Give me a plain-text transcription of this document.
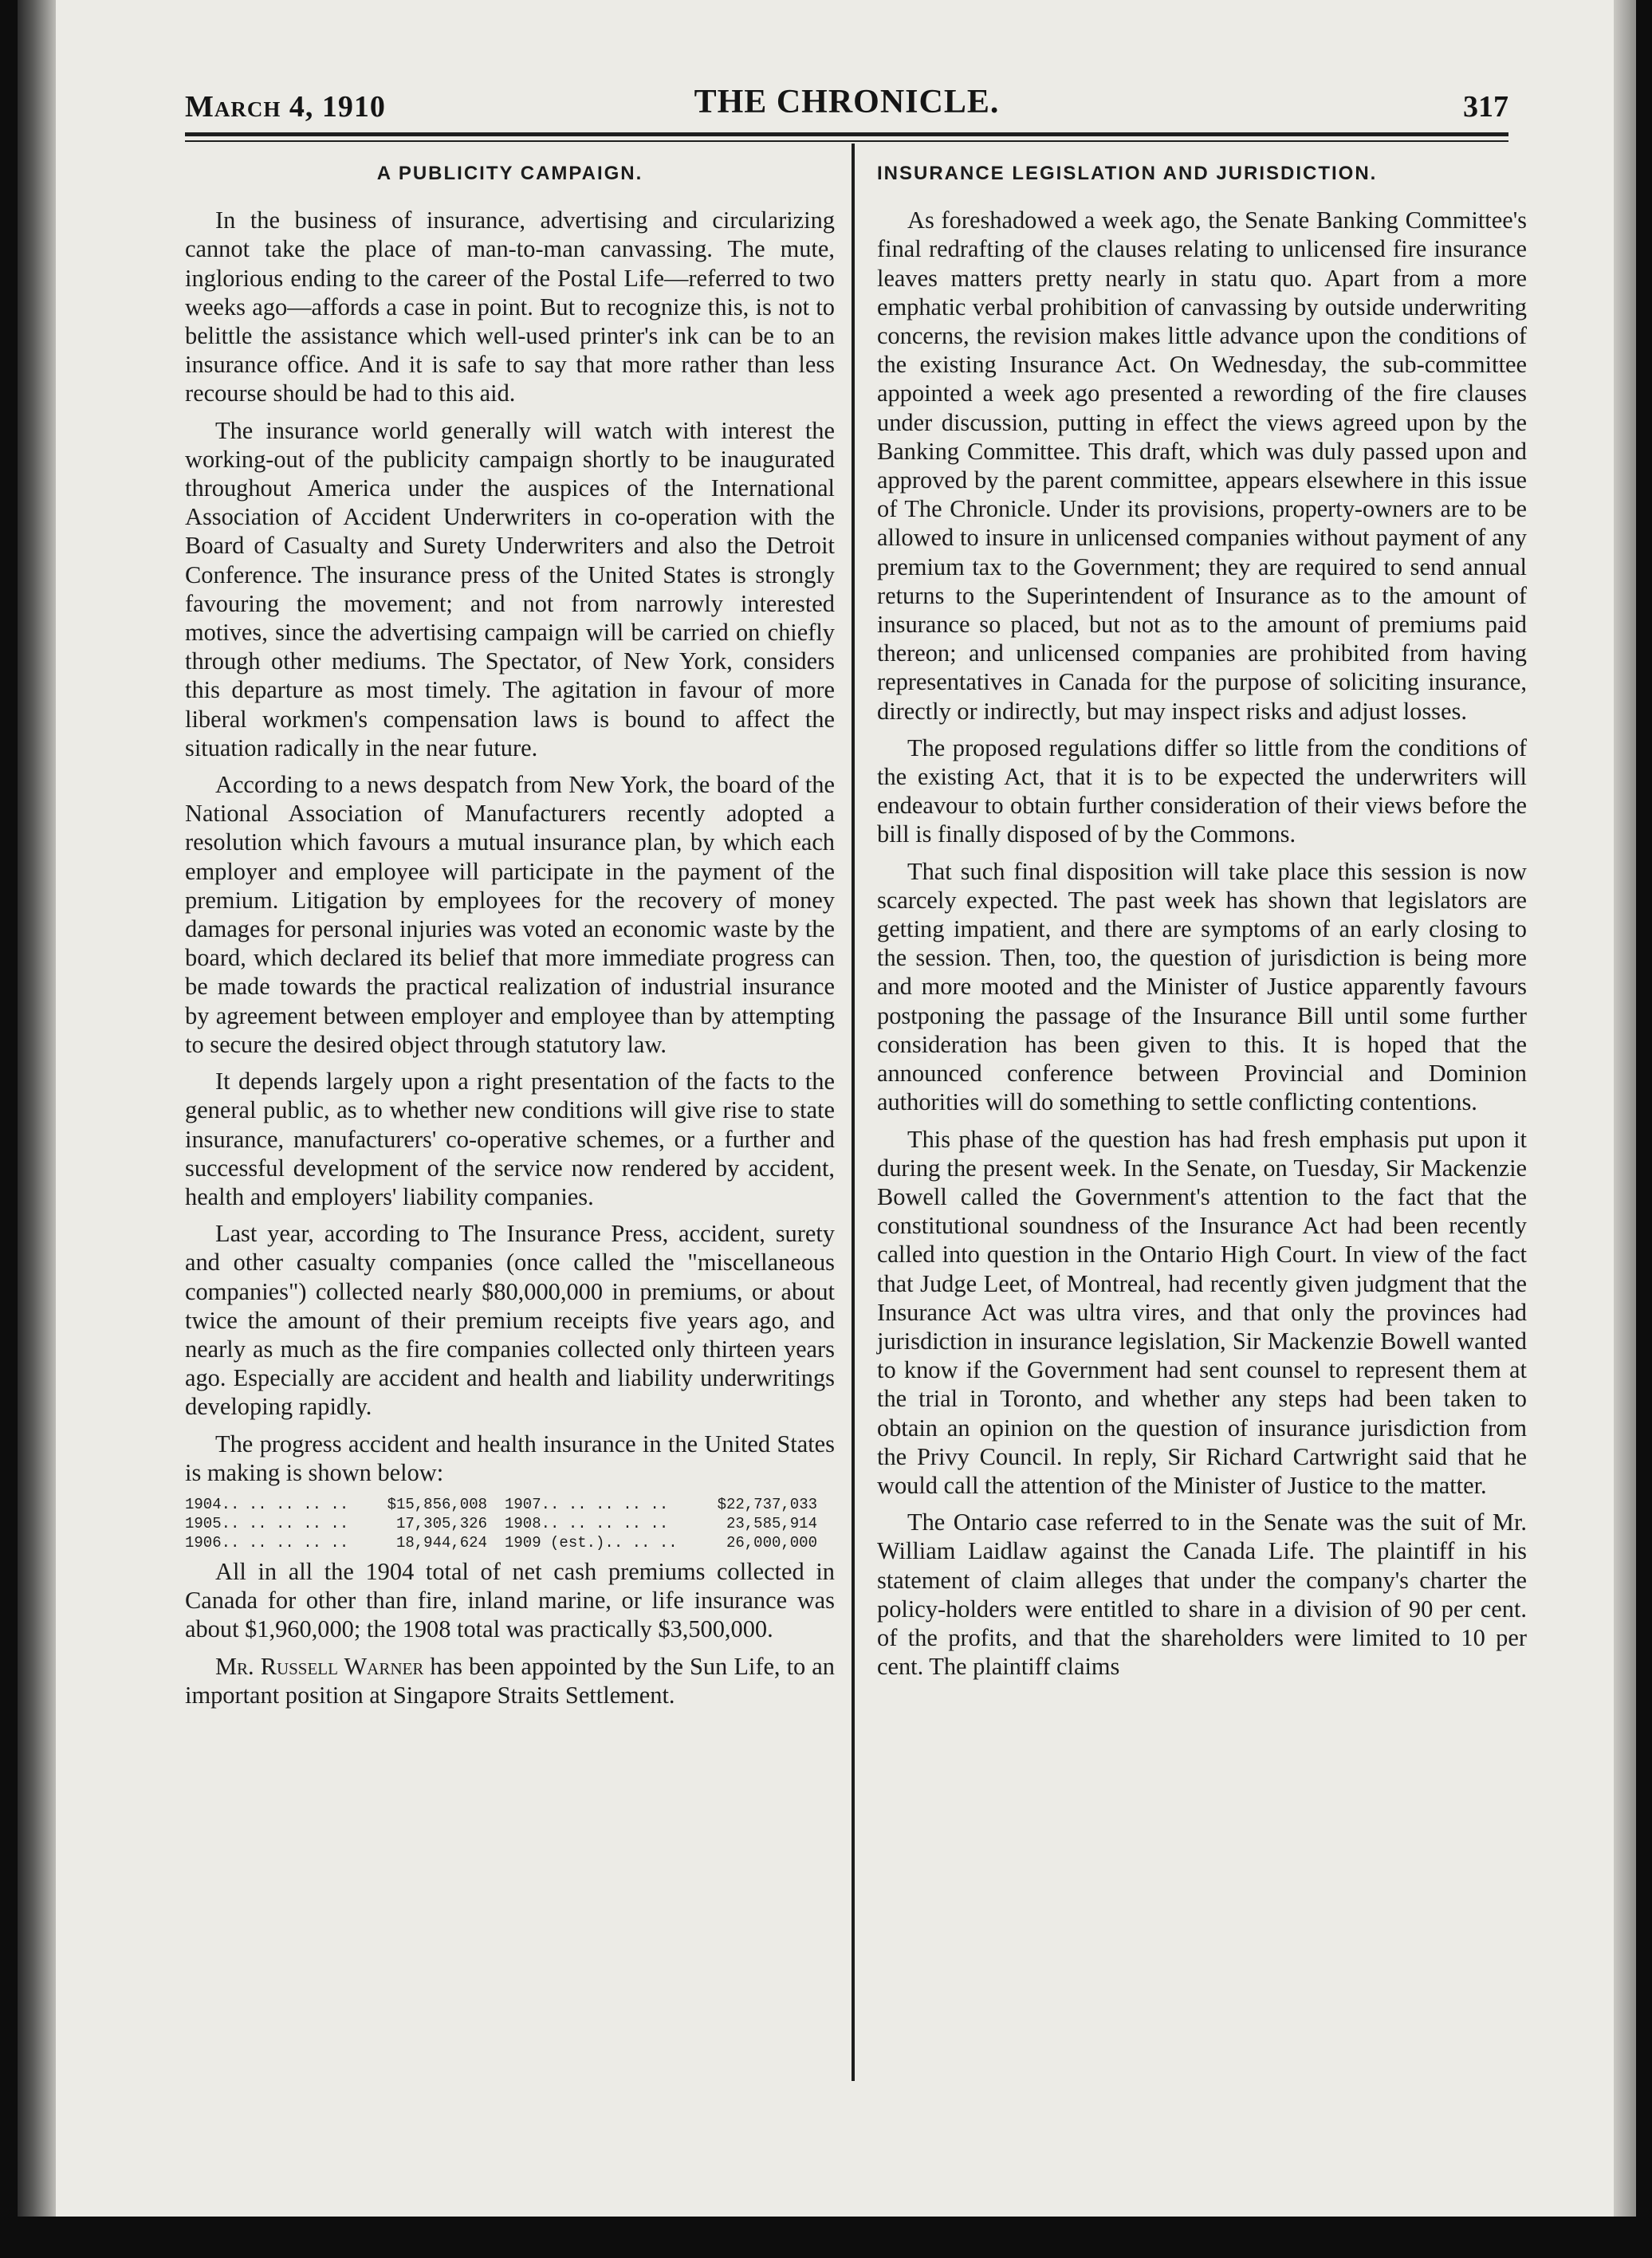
March 4, 1910	THE CHRONICLE.	317
A PUBLICITY CAMPAIGN.

In the business of insurance, advertising and circularizing cannot take the place of man-to-man canvassing. The mute, inglorious ending to the career of the Postal Life—referred to two weeks ago—affords a case in point. But to recognize this, is not to belittle the assistance which well-used printer's ink can be to an insurance office. And it is safe to say that more rather than less recourse should be had to this aid.

The insurance world generally will watch with interest the working-out of the publicity campaign shortly to be inaugurated throughout America under the auspices of the International Association of Accident Underwriters in co-operation with the Board of Casualty and Surety Underwriters and also the Detroit Conference. The insurance press of the United States is strongly favouring the movement; and not from narrowly interested motives, since the advertising campaign will be carried on chiefly through other mediums. The Spectator, of New York, considers this departure as most timely. The agitation in favour of more liberal workmen's compensation laws is bound to affect the situation radically in the near future.

According to a news despatch from New York, the board of the National Association of Manufacturers recently adopted a resolution which favours a mutual insurance plan, by which each employer and employee will participate in the payment of the premium. Litigation by employees for the recovery of money damages for personal injuries was voted an economic waste by the board, which declared its belief that more immediate progress can be made towards the practical realization of industrial insurance by agreement between employer and employee than by attempting to secure the desired object through statutory law.

It depends largely upon a right presentation of the facts to the general public, as to whether new conditions will give rise to state insurance, manufacturers' co-operative schemes, or a further and successful development of the service now rendered by accident, health and employers' liability companies.

Last year, according to The Insurance Press, accident, surety and other casualty companies (once called the "miscellaneous companies") collected nearly $80,000,000 in premiums, or about twice the amount of their premium receipts five years ago, and nearly as much as the fire companies collected only thirteen years ago. Especially are accident and health and liability underwritings developing rapidly.

The progress accident and health insurance in the United States is making is shown below:

1904.. .. .. .. ..	$15,856,008	1907.. .. .. .. ..	$22,737,033
1905.. .. .. .. ..	17,305,326	1908.. .. .. .. ..	23,585,914
1906.. .. .. .. ..	18,944,624	1909 (est.).. .. ..	26,000,000

All in all the 1904 total of net cash premiums collected in Canada for other than fire, inland marine, or life insurance was about $1,960,000; the 1908 total was practically $3,500,000.

Mr. Russell Warner has been appointed by the Sun Life, to an important position at Singapore Straits Settlement.

INSURANCE LEGISLATION AND JURISDICTION.

As foreshadowed a week ago, the Senate Banking Committee's final redrafting of the clauses relating to unlicensed fire insurance leaves matters pretty nearly in statu quo. Apart from a more emphatic verbal prohibition of canvassing by outside underwriting concerns, the revision makes little advance upon the conditions of the existing Insurance Act. On Wednesday, the sub-committee appointed a week ago presented a rewording of the fire clauses under discussion, putting in effect the views agreed upon by the Banking Committee. This draft, which was duly passed upon and approved by the parent committee, appears elsewhere in this issue of The Chronicle. Under its provisions, property-owners are to be allowed to insure in unlicensed companies without payment of any premium tax to the Government; they are required to send annual returns to the Superintendent of Insurance as to the amount of insurance so placed, but not as to the amount of premiums paid thereon; and unlicensed companies are prohibited from having representatives in Canada for the purpose of soliciting insurance, directly or indirectly, but may inspect risks and adjust losses.

The proposed regulations differ so little from the conditions of the existing Act, that it is to be expected the underwriters will endeavour to obtain further consideration of their views before the bill is finally disposed of by the Commons.

That such final disposition will take place this session is now scarcely expected. The past week has shown that legislators are getting impatient, and there are symptoms of an early closing to the session. Then, too, the question of jurisdiction is being more and more mooted and the Minister of Justice apparently favours postponing the passage of the Insurance Bill until some further consideration has been given to this. It is hoped that the announced conference between Provincial and Dominion authorities will do something to settle conflicting contentions.

This phase of the question has had fresh emphasis put upon it during the present week. In the Senate, on Tuesday, Sir Mackenzie Bowell called the Government's attention to the fact that the constitutional soundness of the Insurance Act had been recently called into question in the Ontario High Court. In view of the fact that Judge Leet, of Montreal, had recently given judgment that the Insurance Act was ultra vires, and that only the provinces had jurisdiction in insurance legislation, Sir Mackenzie Bowell wanted to know if the Government had sent counsel to represent them at the trial in Toronto, and whether any steps had been taken to obtain an opinion on the question of insurance jurisdiction from the Privy Council. In reply, Sir Richard Cartwright said that he would call the attention of the Minister of Justice to the matter.

The Ontario case referred to in the Senate was the suit of Mr. William Laidlaw against the Canada Life. The plaintiff in his statement of claim alleges that under the company's charter the policy-holders were entitled to share in a division of 90 per cent. of the profits, and that the shareholders were limited to 10 per cent. The plaintiff claims
